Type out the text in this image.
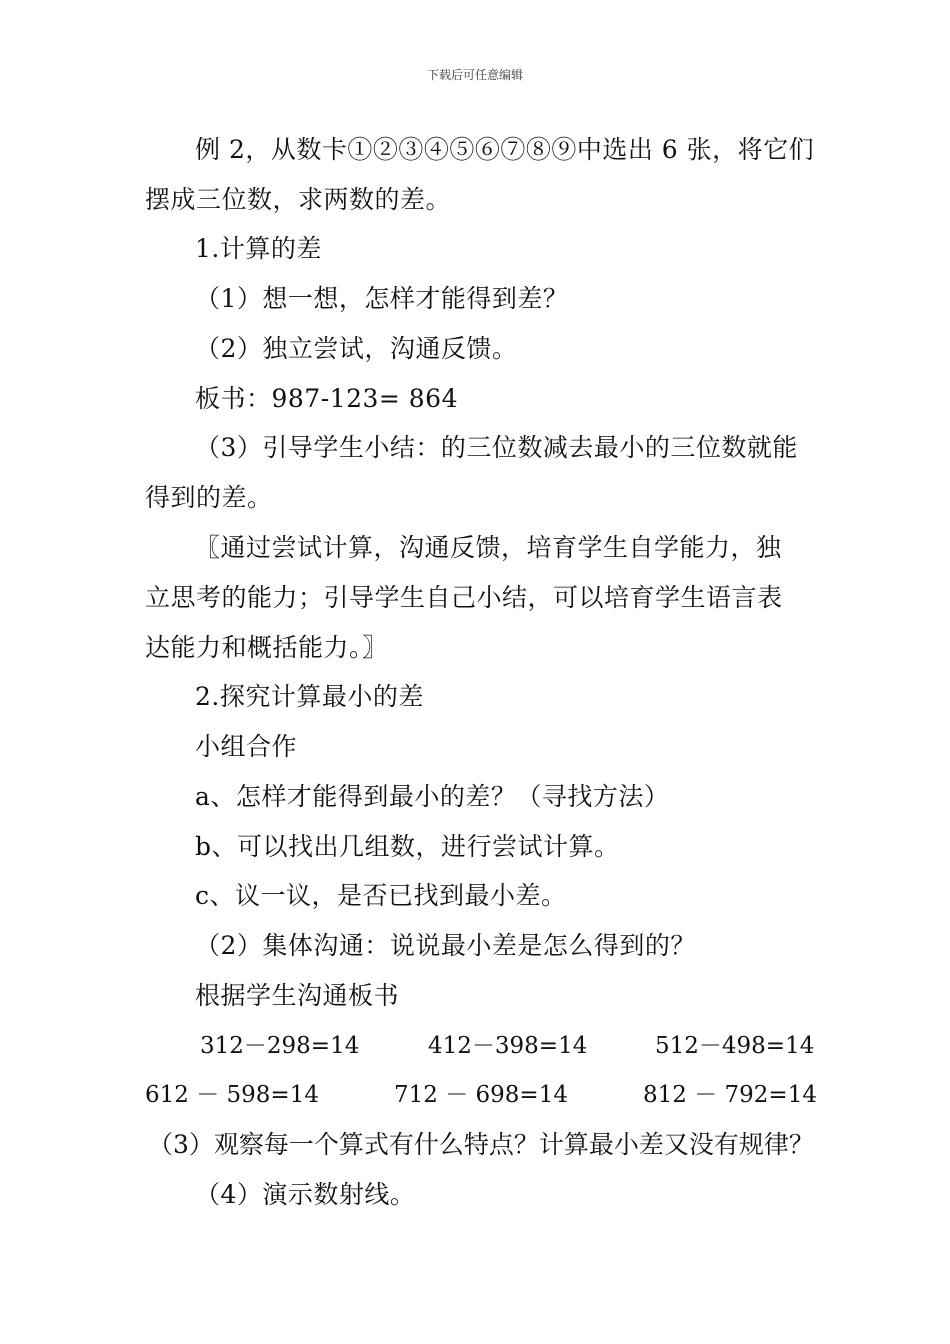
下载后可任意编辑
例 2，从数卡①②③④⑤⑥⑦⑧⑨中选出 6 张，将它们
摆成三位数，求两数的差。
1.计算的差
（1）想一想，怎样才能得到差？
（2）独立尝试，沟通反馈。
板书：987-123= 864
（3）引导学生小结：的三位数减去最小的三位数就能
得到的差。
〖通过尝试计算，沟通反馈，培育学生自学能力，独
立思考的能力；引导学生自己小结，可以培育学生语言表
达能力和概括能力。〗
2.探究计算最小的差
小组合作
a、怎样才能得到最小的差？（寻找方法）
b、可以找出几组数，进行尝试计算。
c、议一议，是否已找到最小差。
（2）集体沟通：说说最小差是怎么得到的？
根据学生沟通板书
312－298=14	412－398=14	512－498=14
612 － 598=14	712 － 698=14	812 － 792=14
（3）观察每一个算式有什么特点？计算最小差又没有规律？
（4）演示数射线。
